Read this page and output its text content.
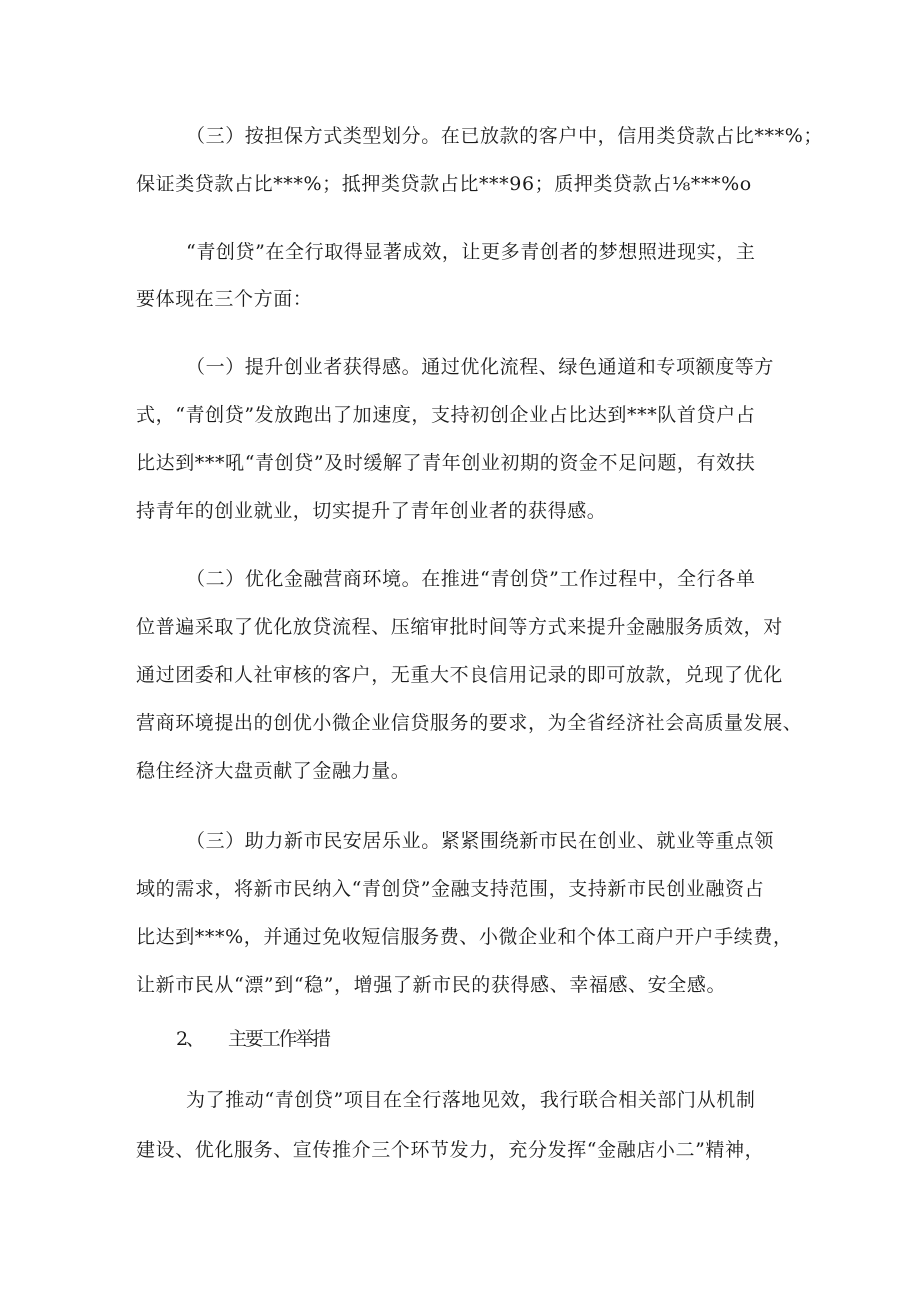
（三）按担保方式类型划分。在已放款的客户中，信用类贷款占比***%；
保证类贷款占比***%；抵押类贷款占比***96；质押类贷款占⅛***%o
“青创贷”在全行取得显著成效，让更多青创者的梦想照进现实，主
要体现在三个方面：
（一）提升创业者获得感。通过优化流程、绿色通道和专项额度等方
式，“青创贷”发放跑出了加速度，支持初创企业占比达到***队首贷户占
比达到***吼“青创贷”及时缓解了青年创业初期的资金不足问题，有效扶
持青年的创业就业，切实提升了青年创业者的获得感。
（二）优化金融营商环境。在推进“青创贷”工作过程中，全行各单
位普遍采取了优化放贷流程、压缩审批时间等方式来提升金融服务质效，对
通过团委和人社审核的客户，无重大不良信用记录的即可放款，兑现了优化
营商环境提出的创优小微企业信贷服务的要求，为全省经济社会高质量发展、
稳住经济大盘贡献了金融力量。
（三）助力新市民安居乐业。紧紧围绕新市民在创业、就业等重点领
域的需求，将新市民纳入“青创贷”金融支持范围，支持新市民创业融资占
比达到***%，并通过免收短信服务费、小微企业和个体工商户开户手续费，
让新市民从“漂”到“稳”，增强了新市民的获得感、幸福感、安全感。
2、 主要工作举措
为了推动“青创贷”项目在全行落地见效，我行联合相关部门从机制
建设、优化服务、宣传推介三个环节发力，充分发挥“金融店小二”精神，
